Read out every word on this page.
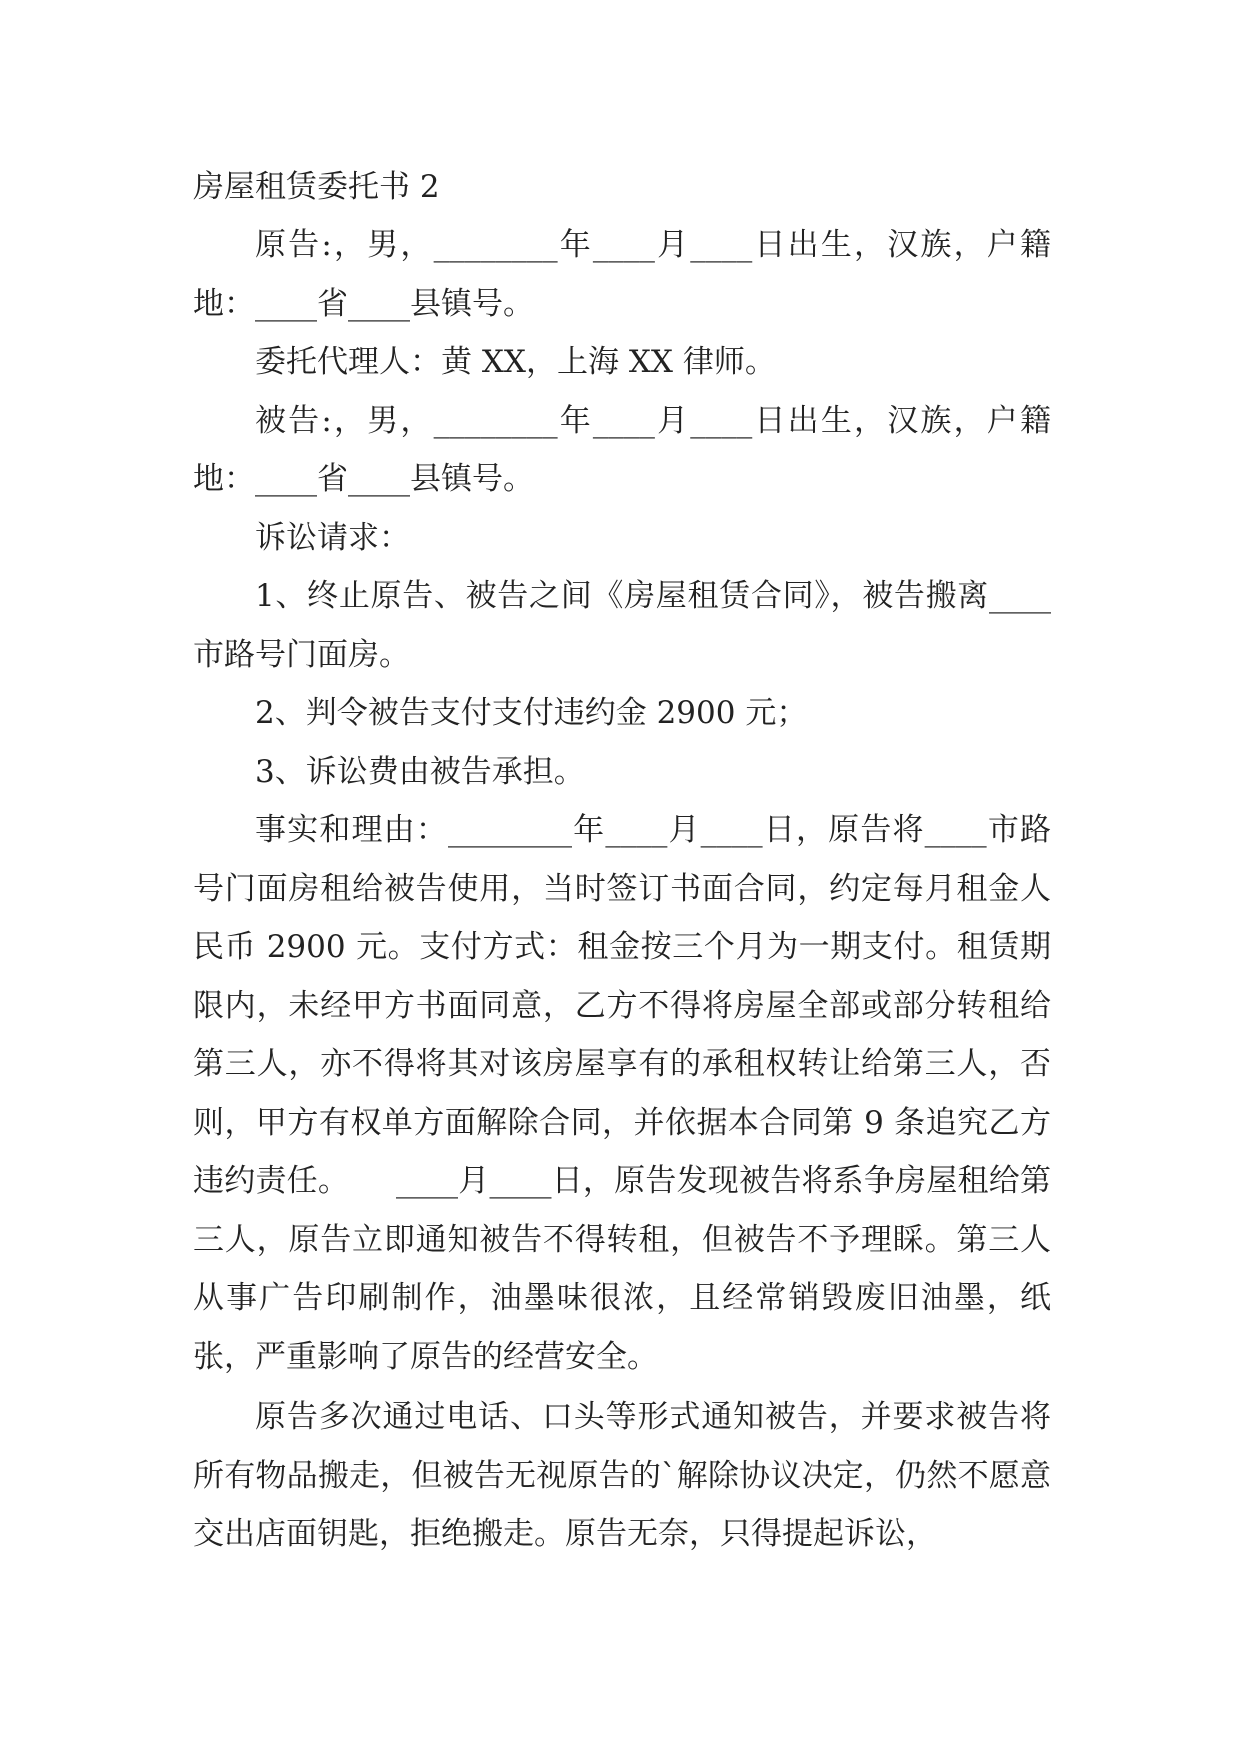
房屋租赁委托书 2

原告:，男，________年____月____日出生，汉族，户籍地：____省____县镇号。

委托代理人：黄 XX，上海 XX 律师。

被告:，男，________年____月____日出生，汉族，户籍地：____省____县镇号。

诉讼请求：

1、终止原告、被告之间《房屋租赁合同》，被告搬离____市路号门面房。

2、判令被告支付支付违约金 2900 元；

3、诉讼费由被告承担。

事实和理由：________年____月____日，原告将____市路号门面房租给被告使用，当时签订书面合同，约定每月租金人民币 2900 元。支付方式：租金按三个月为一期支付。租赁期限内，未经甲方书面同意，乙方不得将房屋全部或部分转租给第三人，亦不得将其对该房屋享有的承租权转让给第三人，否则，甲方有权单方面解除合同，并依据本合同第 9 条追究乙方违约责任。　　____月____日，原告发现被告将系争房屋租给第三人，原告立即通知被告不得转租，但被告不予理睬。第三人从事广告印刷制作，油墨味很浓，且经常销毁废旧油墨，纸张，严重影响了原告的经营安全。

原告多次通过电话、口头等形式通知被告，并要求被告将所有物品搬走，但被告无视原告的`解除协议决定，仍然不愿意交出店面钥匙，拒绝搬走。原告无奈，只得提起诉讼，
